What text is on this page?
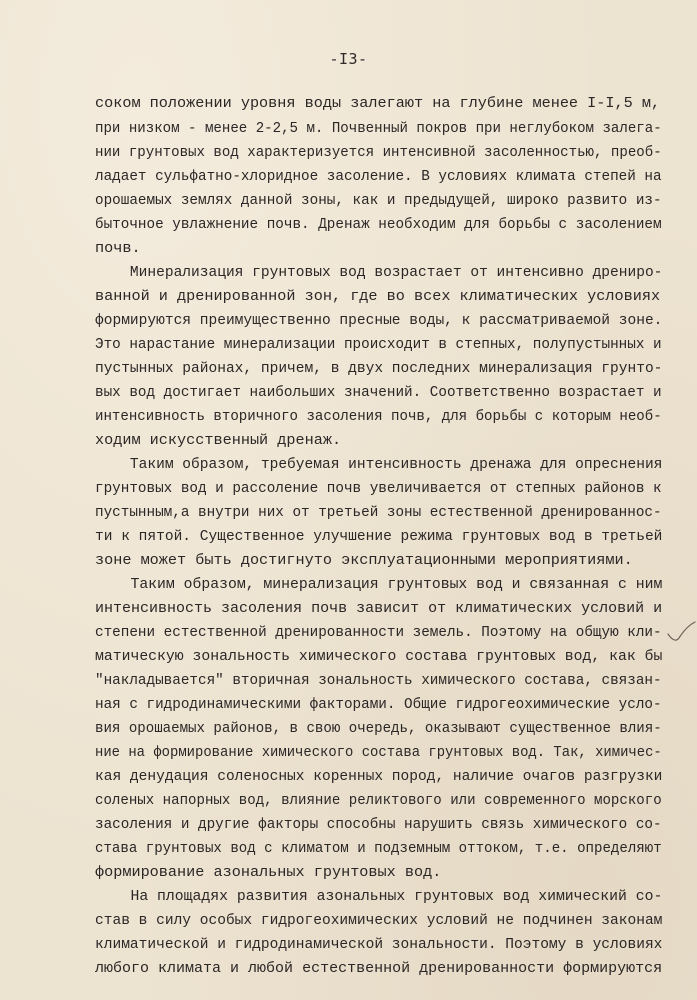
-I3-
соком положении уровня воды залегают на глубине менее I-I,5 м,
при низком - менее 2-2,5 м. Почвенный покров при неглубоком залега-
нии грунтовых вод характеризуется интенсивной засоленностью, преоб-
ладает сульфатно-хлоридное засоление. В условиях климата степей на
орошаемых землях данной зоны, как и предыдущей, широко развито из-
быточное увлажнение почв. Дренаж необходим для борьбы с засолением
почв.
Минерализация грунтовых вод возрастает от интенсивно дрениро-
ванной и дренированной зон, где во всех климатических условиях
формируются преимущественно пресные воды, к рассматриваемой зоне.
Это нарастание минерализации происходит в степных, полупустынных и
пустынных районах, причем, в двух последних минерализация грунто-
вых вод достигает наибольших значений. Соответственно возрастает и
интенсивность вторичного засоления почв, для борьбы с которым необ-
ходим искусственный дренаж.
Таким образом, требуемая интенсивность дренажа для опреснения
грунтовых вод и рассоление почв увеличивается от степных районов к
пустынным,а внутри них от третьей зоны естественной дренированнос-
ти к пятой. Существенное улучшение режима грунтовых вод в третьей
зоне может быть достигнуто эксплуатационными мероприятиями.
Таким образом, минерализация грунтовых вод и связанная с ним
интенсивность засоления почв зависит от климатических условий и
степени естественной дренированности земель. Поэтому на общую кли-
матическую зональность химического состава грунтовых вод, как бы
"накладывается" вторичная зональность химического состава, связан-
ная с гидродинамическими факторами. Общие гидрогеохимические усло-
вия орошаемых районов, в свою очередь, оказывают существенное влия-
ние на формирование химического состава грунтовых вод. Так, химичес-
кая денудация соленосных коренных пород, наличие очагов разгрузки
соленых напорных вод, влияние реликтового или современного морского
засоления и другие факторы способны нарушить связь химического со-
става грунтовых вод с климатом и подземным оттоком, т.е. определяют
формирование азональных грунтовых вод.
На площадях развития азональных грунтовых вод химический со-
став в силу особых гидрогеохимических условий не подчинен законам
климатической и гидродинамической зональности. Поэтому в условиях
любого климата и любой естественной дренированности формируются
